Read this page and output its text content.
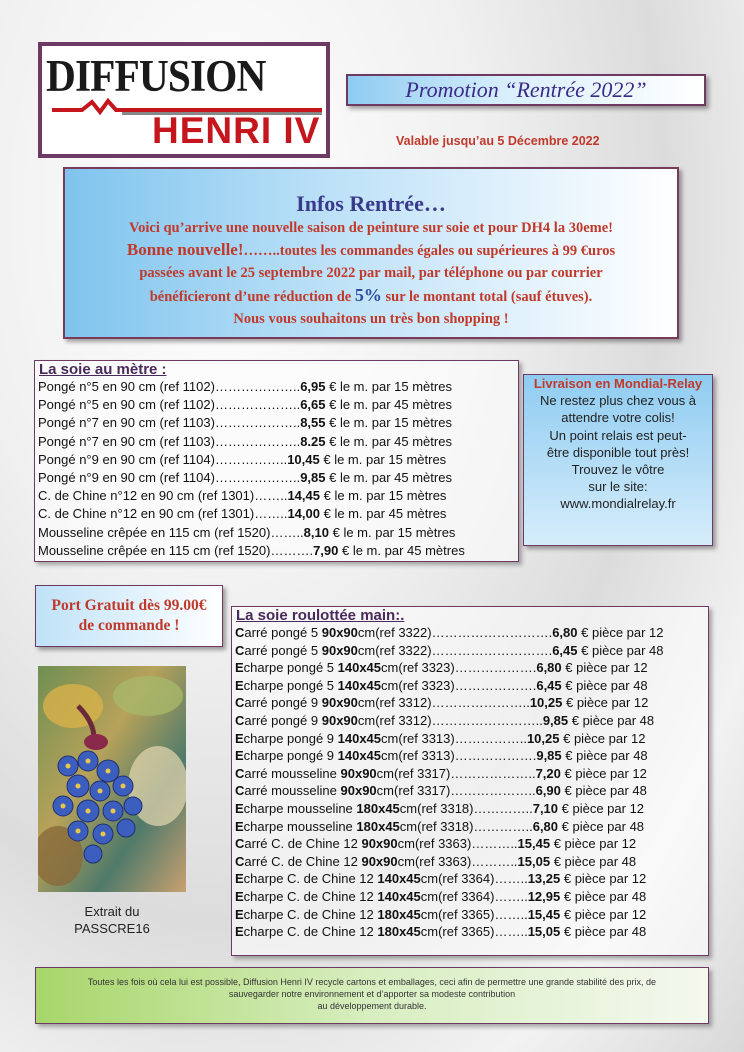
DIFFUSION
HENRI IV
Promotion “Rentrée 2022”
Valable jusqu’au 5 Décembre 2022
Infos Rentrée…
Voici qu’arrive une nouvelle saison de peinture sur soie et pour DH4 la 30eme!
Bonne nouvelle!……..toutes les commandes égales ou supérieures à 99 €uros
passées avant le 25 septembre 2022 par mail, par téléphone ou par courrier
bénéficieront d’une réduction de 5% sur le montant total (sauf étuves).
Nous vous souhaitons un très bon shopping !
La soie au mètre :
Pongé n°5 en 90 cm (ref 1102)………………..6,95 € le m. par 15 mètres
Pongé n°5 en 90 cm (ref 1102)………………..6,65 € le m. par 45 mètres
Pongé n°7 en 90 cm (ref 1103)………………..8,55 € le m. par 15 mètres
Pongé n°7 en 90 cm (ref 1103)………………..8.25 € le m. par 45 mètres
Pongé n°9 en 90 cm (ref 1104)……………..10,45 € le m. par 15 mètres
Pongé n°9 en 90 cm (ref 1104)………………..9,85 € le m. par 45 mètres
C. de Chine n°12 en 90 cm (ref 1301)……..14,45 € le m. par 15 mètres
C. de Chine n°12 en 90 cm (ref 1301)……..14,00 € le m. par 45 mètres
Mousseline crêpée en 115 cm (ref 1520)……..8,10 € le m. par 15 mètres
Mousseline crêpée en 115 cm (ref 1520)……….7,90 € le m. par 45 mètres
Livraison en Mondial-Relay
Ne restez plus chez vous à
attendre votre colis!
Un point relais est peut-
être disponible tout près!
Trouvez le vôtre
sur le site:
www.mondialrelay.fr
Port Gratuit dès 99.00€
de commande !
Extrait du
PASSCRE16
La soie roulottée main:.
Carré pongé 5 90x90cm(ref 3322)……………………….6,80 € pièce par 12
Carré pongé 5 90x90cm(ref 3322)……………………….6,45 € pièce par 48
Echarpe pongé 5 140x45cm(ref 3323)……………….6,80 € pièce par 12
Echarpe pongé 5 140x45cm(ref 3323)……………….6,45 € pièce par 48
Carré pongé 9 90x90cm(ref 3312)…………………..10,25 € pièce par 12
Carré pongé 9 90x90cm(ref 3312)……………………..9,85 € pièce par 48
Echarpe pongé 9 140x45cm(ref 3313)……………..10,25 € pièce par 12
Echarpe pongé 9 140x45cm(ref 3313)……………….9,85 € pièce par 48
Carré mousseline 90x90cm(ref 3317)………………..7,20 € pièce par 12
Carré mousseline 90x90cm(ref 3317)………………..6,90 € pièce par 48
Echarpe mousseline 180x45cm(ref 3318)…………..7,10 € pièce par 12
Echarpe mousseline 180x45cm(ref 3318)…………..6,80 € pièce par 48
Carré C. de Chine 12 90x90cm(ref 3363)………..15,45 € pièce par 12
Carré C. de Chine 12 90x90cm(ref 3363)………..15,05 € pièce par 48
Echarpe C. de Chine 12 140x45cm(ref 3364)……..13,25 € pièce par 12
Echarpe C. de Chine 12 140x45cm(ref 3364)……..12,95 € pièce par 48
Echarpe C. de Chine 12 180x45cm(ref 3365)……..15,45 € pièce par 12
Echarpe C. de Chine 12 180x45cm(ref 3365)……..15,05 € pièce par 48
Toutes les fois où cela lui est possible, Diffusion Henri IV recycle cartons et emballages, ceci afin de permettre une grande stabilité des prix, de
sauvegarder notre environnement et d’apporter sa modeste contribution
au développement durable.
